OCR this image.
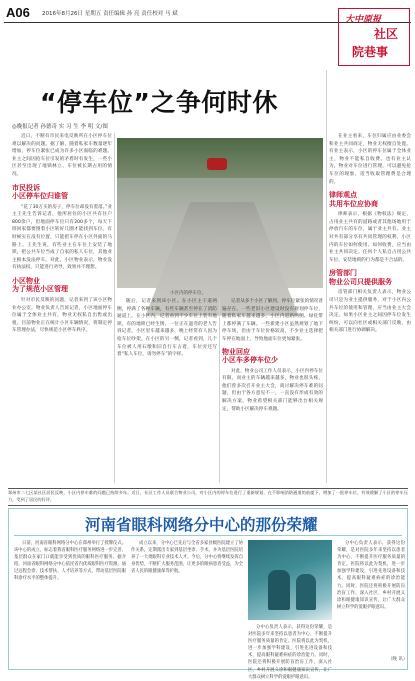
A06 2016年8月26日 星期五 责任编辑 孙 亮 责任校对 马 斌
大中原报
社区
院巷事
“停车位”之争何时休
◎晚报记者 孙德奇 实 习 生 李 明 文/图

近日，不断有市民来电反映所在小区停车位难以解决的问题。据了解，随着私家车数量逐年增加，停车位紧张已成为许多小区面临的难题。业主之间因抢车位引发的矛盾时有发生，一些小区甚至出现了地锁林立、车位被长期占用的情况。

市民投诉
小区停车位归谁管

“花了30万买的房子，停车位却没有着落。”业主王先生告诉记者，他所居住的小区共有住户800余户，但地面停车位只有200多个，每天下班回家都要围着小区转好几圈才能找到车位。有时候实在没有位置，只能把车停在小区外面的马路上。王先生说，有些业主在车位上安装了地锁，把公共车位当成了自家的私人车位，其他业主根本没法停车。对此，小区物业表示，物业没有执法权，只能进行劝导，效果并不理想。

小区物业
为了规范小区管理

针对市民反映的问题，记者来到了该小区物业办公室。物业负责人告诉记者，小区地面停车位属于全体业主共有，物业无权私自出售或出租。目前物业正在统计小区车辆情况，将制定停车管理办法，尽快规范小区停车秩序。

小区内的停车位。

随后，记者来到该小区。在小区主干道两侧，停满了各种车辆，有些车辆甚至停在了消防通道上。在小区内，记者看到不少车位上装有地锁，有的地锁已经生锈。一位正在遛弯的老人告诉记者，小区里车越来越多，晚上经常有人因为抢车位吵架。在小区的另一侧，记者看到，几个车位被人用石墩和旧自行车占着，车位旁还写着“私人车位，请勿停车”的字样。

记者从多个小区了解到，停车位紧张的情况普遍存在。一些老旧小区建设时没有规划停车位，随着私家车越来越多，小区内道路两侧、绿化带上都停满了车辆。一些新建小区虽然规划了地下停车场，但由于车位价格较高，不少业主选择把车停在地面上，导致地面车位更加紧张。

物业回应
小区车多停车位少

对此，物业公司工作人员表示，小区内停车位有限，而业主的车辆越来越多，物业也很头疼。他们曾多次召开业主大会，商讨解决停车难的问题，但由于各方意见不一，一直没有形成有效的解决方案。物业希望相关部门能够出台相关规定，帮助小区解决停车难题。

在业主看来，车位归属应由业委会和业主共同商定，物业无权擅自处置。有业主表示，小区的停车位属于全体业主，物业不能私自收费。也有业主认为，物业对车位进行管理，可以避免抢车位的现象，适当收取管理费是合理的。

律师观点
共用车位应协商

律师表示，根据《物权法》规定，占用业主共有的道路或者其他场地用于停放汽车的车位，属于业主共有。业主对共有部分享有共同管理的权利，小区内的车位如何使用、如何收费，应当由业主共同决定。任何个人私自占用公共车位、安装地锁的行为都是不合法的。

房管部门
物业公司只提供服务

房管部门相关负责人表示，物业公司只是为业主提供服务，对于小区内公共车位的使用和管理，应当由业主大会决定。如果小区业主之间因停车位发生纠纷，可以向社区或相关部门反映，由相关部门进行协调解决。

郑州市二七区某社区居民反映，小区内停车难的问题已持续多年。近日，社区工作人员联合物业公司，对小区内的停车位进行了重新规划，在不影响消防通道的前提下，增加了一批停车位，有效缓解了小区的停车压力，受到了居民的好评。
河南省眼科网络分中心的那份荣耀

日前，河南省眼科网络分中心在郑州举行了授牌仪式。该中心的成立，标志着我省眼科医疗服务网络进一步完善，基层群众在家门口就能享受到优质的眼科医疗服务。据介绍，河南省眼科网络分中心依托省内优质眼科医疗资源，通过远程会诊、技术帮扶、人才培养等方式，带动基层医院眼科诊疗水平的整体提升。

成立以来，分中心已先后与全省多家县级医院建立了协作关系，定期派出专家到基层坐诊、手术，并为基层医院培养了一大批眼科专业技术人才。今后，分中心将继续发挥自身优势，不断扩大服务范围，让更多的眼病患者受益，为全省人民的眼健康保驾护航。

分中心负责人表示，获得这份荣耀，是对医院多年来坚持以患者为中心、不断提升医疗服务质量的肯定。医院将以此为契机，进一步加强学科建设，引进先进设备和技术，提高眼科疑难病症的诊治能力。同时，医院还将积极开展防盲治盲工作，深入社区、乡村开展义诊和眼健康知识宣传，让广大群众树立科学的爱眼护眼意识。

分中心负责人表示，获得这份荣耀，是对医院多年来坚持以患者为中心、不断提升医疗服务质量的肯定。医院将以此为契机，进一步加强学科建设，引进先进设备和技术，提高眼科疑难病症的诊治能力。同时，医院还将积极开展防盲治盲工作，深入社区、乡村开展义诊和眼健康知识宣传，让广大群众树立科学的爱眼护眼意识。

（晚 讯）
